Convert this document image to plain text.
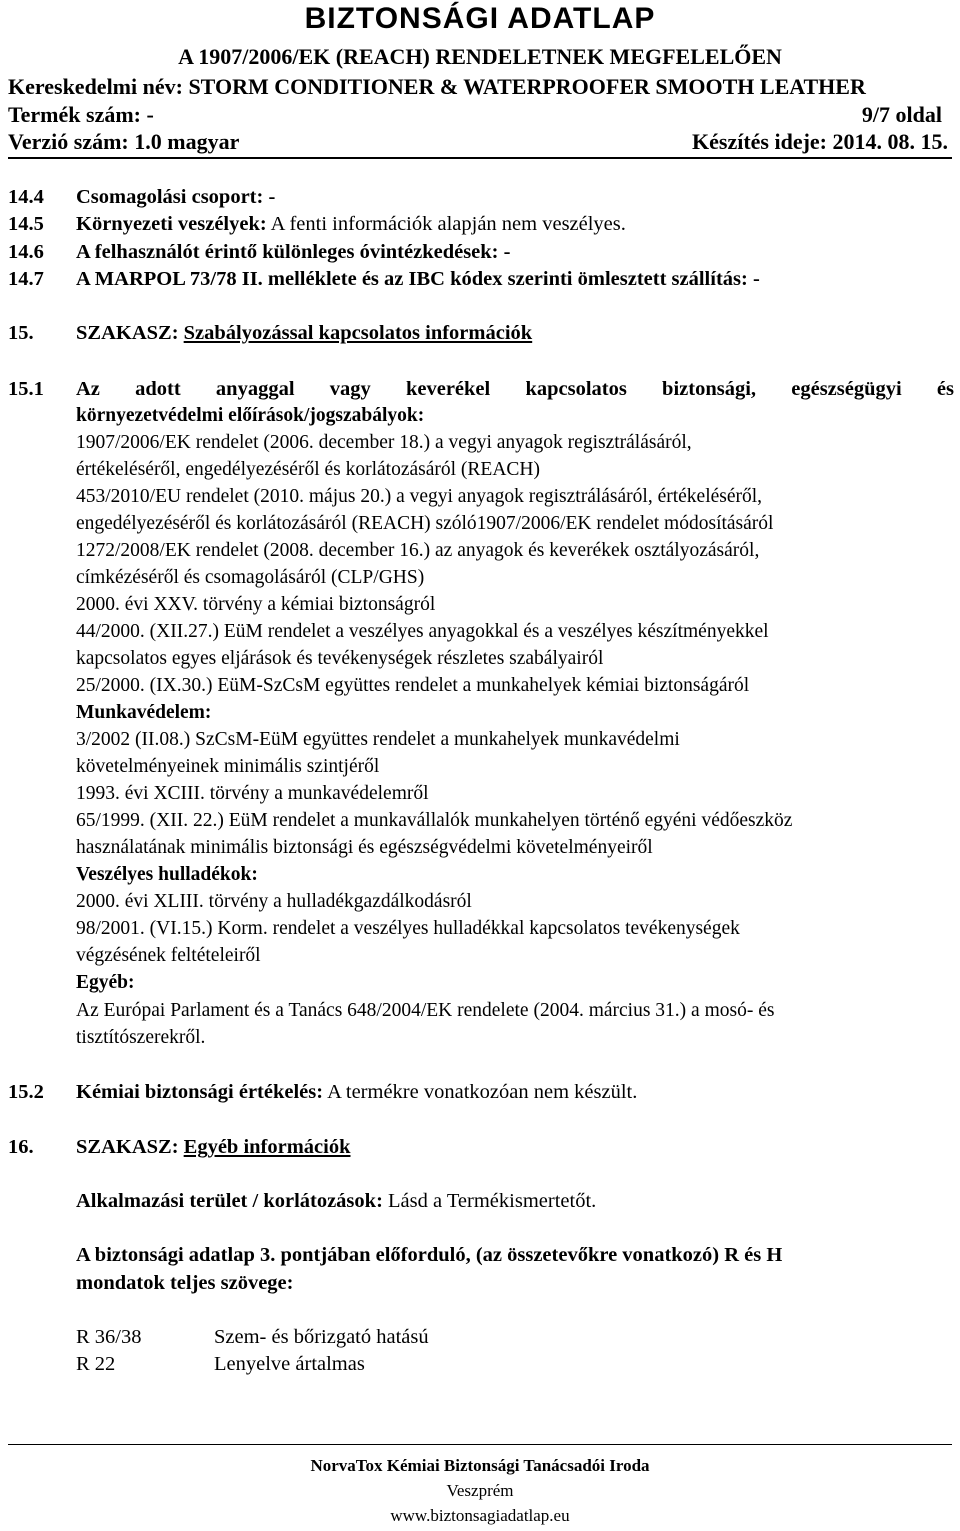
BIZTONSÁGI ADATLAP
A 1907/2006/EK (REACH) RENDELETNEK MEGFELELŐEN
Kereskedelmi név: STORM CONDITIONER & WATERPROOFER SMOOTH LEATHER
Termék szám: -	9/7 oldal
Verzió szám: 1.0 magyar	Készítés ideje: 2014. 08. 15.
14.4 Csomagolási csoport: -
14.5 Környezeti veszélyek: A fenti információk alapján nem veszélyes.
14.6 A felhasználót érintő különleges óvintézkedések: -
14.7 A MARPOL 73/78 II. melléklete és az IBC kódex szerinti ömlesztett szállítás: -
15. SZAKASZ: Szabályozással kapcsolatos információk
15.1 Az adott anyaggal vagy keverékel kapcsolatos biztonsági, egészségügyi és
környezetvédelmi előírások/jogszabályok:
1907/2006/EK rendelet (2006. december 18.) a vegyi anyagok regisztrálásáról,
értékeléséről, engedélyezéséről és korlátozásáról (REACH)
453/2010/EU rendelet (2010. május 20.) a vegyi anyagok regisztrálásáról, értékeléséről,
engedélyezéséről és korlátozásáról (REACH) szóló1907/2006/EK rendelet módosításáról
1272/2008/EK rendelet (2008. december 16.) az anyagok és keverékek osztályozásáról,
címkézéséről és csomagolásáról (CLP/GHS)
2000. évi XXV. törvény a kémiai biztonságról
44/2000. (XII.27.) EüM rendelet a veszélyes anyagokkal és a veszélyes készítményekkel
kapcsolatos egyes eljárások és tevékenységek részletes szabályairól
25/2000. (IX.30.) EüM-SzCsM együttes rendelet a munkahelyek kémiai biztonságáról
Munkavédelem:
3/2002 (II.08.) SzCsM-EüM együttes rendelet a munkahelyek munkavédelmi
követelményeinek minimális szintjéről
1993. évi XCIII. törvény a munkavédelemről
65/1999. (XII. 22.) EüM rendelet a munkavállalók munkahelyen történő egyéni védőeszköz
használatának minimális biztonsági és egészségvédelmi követelményeiről
Veszélyes hulladékok:
2000. évi XLIII. törvény a hulladékgazdálkodásról
98/2001. (VI.15.) Korm. rendelet a veszélyes hulladékkal kapcsolatos tevékenységek
végzésének feltételeiről
Egyéb:
Az Európai Parlament és a Tanács 648/2004/EK rendelete (2004. március 31.) a mosó- és
tisztítószerekről.
15.2 Kémiai biztonsági értékelés: A termékre vonatkozóan nem készült.
16. SZAKASZ: Egyéb információk
Alkalmazási terület / korlátozások: Lásd a Termékismertetőt.
A biztonsági adatlap 3. pontjában előforduló, (az összetevőkre vonatkozó) R és H
mondatok teljes szövege:
R 36/38	Szem- és bőrizgató hatású
R 22	Lenyelve ártalmas
NorvaTox Kémiai Biztonsági Tanácsadói Iroda
Veszprém
www.biztonsagiadatlap.eu
